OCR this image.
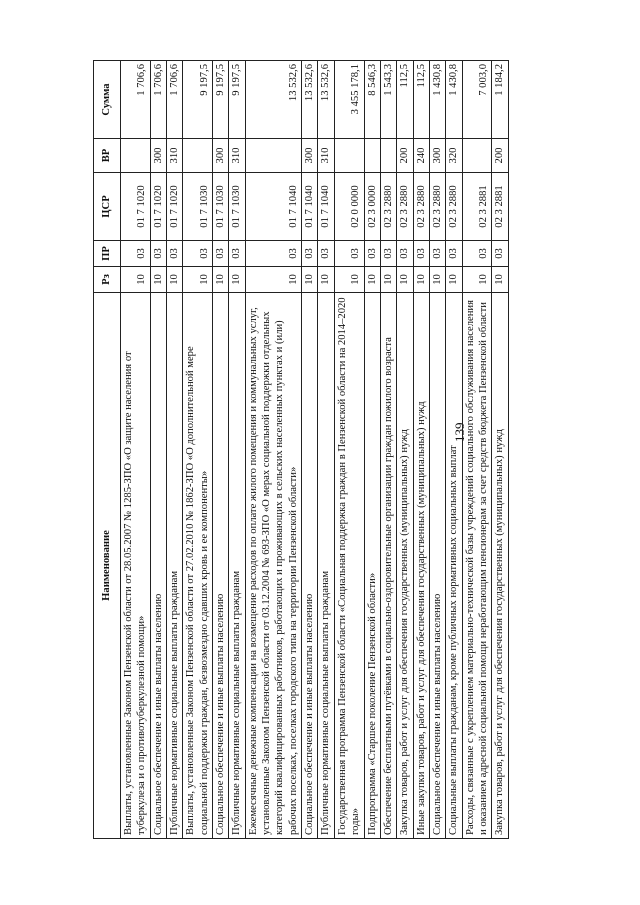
139
Наименование	Рз	ПР	ЦСР	ВР	Сумма
Выплаты, установленные Законом Пензенской области от 28.05.2007 № 1285-ЗПО «О защите населения от туберкулеза и о противотуберкулезной помощи»	10	03	01 7 1020		1 706,6
Социальное обеспечение и иные выплаты населению	10	03	01 7 1020	300	1 706,6
Публичные нормативные социальные выплаты гражданам	10	03	01 7 1020	310	1 706,6
Выплаты, установленные Законом Пензенской области от 27.02.2010 № 1862-ЗПО «О дополнительной мере социальной поддержки граждан, безвозмездно сдавших кровь и ее компоненты»	10	03	01 7 1030		9 197,5
Социальное обеспечение и иные выплаты населению	10	03	01 7 1030	300	9 197,5
Публичные нормативные социальные выплаты гражданам	10	03	01 7 1030	310	9 197,5
Ежемесячные денежные компенсации на возмещение расходов по оплате жилого помещения и коммунальных услуг, установленные Законом Пензенской области от 03.12.2004 № 693-ЗПО «О мерах социальной поддержки отдельных категорий квалифицированных работников, работающих и проживающих в сельских населенных пунктах и (или) рабочих поселках, поселках городского типа на территории Пензенской области»	10	03	01 7 1040		13 532,6
Социальное обеспечение и иные выплаты населению	10	03	01 7 1040	300	13 532,6
Публичные нормативные социальные выплаты гражданам	10	03	01 7 1040	310	13 532,6
Государственная программа Пензенской области «Социальная поддержка граждан в Пензенской области на 2014–2020 годы»	10	03	02 0 0000		3 455 178,1
Подпрограмма «Старшее поколение Пензенской области»	10	03	02 3 0000		8 546,3
Обеспечение бесплатными путёвками в социально-оздоровительные организации граждан пожилого возраста	10	03	02 3 2880		1 543,3
Закупка товаров, работ и услуг для обеспечения государственных (муниципальных) нужд	10	03	02 3 2880	200	112,5
Иные закупки товаров, работ и услуг для обеспечения государственных (муниципальных) нужд	10	03	02 3 2880	240	112,5
Социальное обеспечение и иные выплаты населению	10	03	02 3 2880	300	1 430,8
Социальные выплаты гражданам, кроме публичных нормативных социальных выплат	10	03	02 3 2880	320	1 430,8
Расходы, связанные с укреплением материально-технической базы учреждений социального обслуживания населения и оказанием адресной социальной помощи неработающим пенсионерам за счет средств бюджета Пензенской области	10	03	02 3 2881		7 003,0
Закупка товаров, работ и услуг для обеспечения государственных (муниципальных) нужд	10	03	02 3 2881	200	1 184,2
